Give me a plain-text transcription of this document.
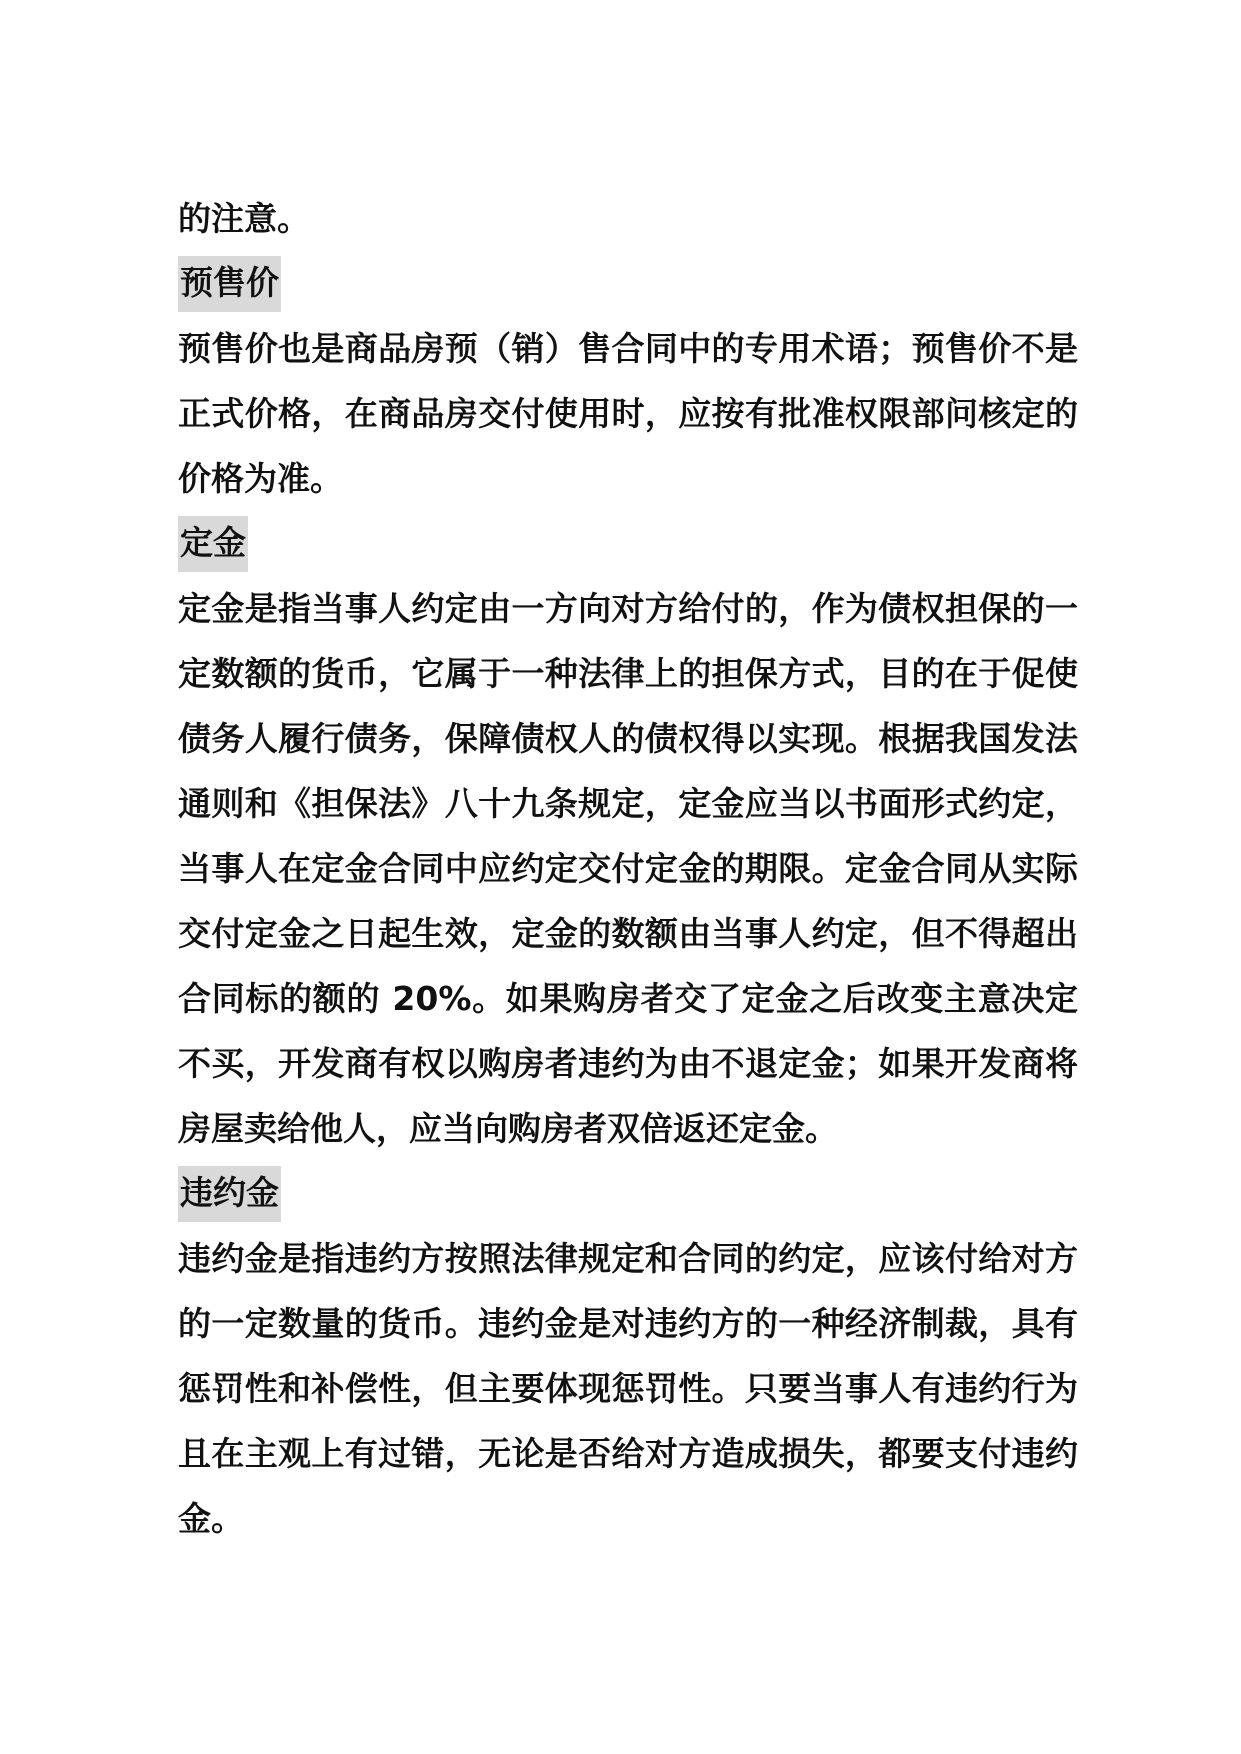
的注意。
预售价
预售价也是商品房预（销）售合同中的专用术语；预售价不是
正式价格，在商品房交付使用时，应按有批准权限部问核定的
价格为准。
定金
定金是指当事人约定由一方向对方给付的，作为债权担保的一
定数额的货币，它属于一种法律上的担保方式，目的在于促使
债务人履行债务，保障债权人的债权得以实现。根据我国发法
通则和《担保法》八十九条规定，定金应当以书面形式约定，
当事人在定金合同中应约定交付定金的期限。定金合同从实际
交付定金之日起生效，定金的数额由当事人约定，但不得超出
合同标的额的 20%。如果购房者交了定金之后改变主意决定
不买，开发商有权以购房者违约为由不退定金；如果开发商将
房屋卖给他人，应当向购房者双倍返还定金。
违约金
违约金是指违约方按照法律规定和合同的约定，应该付给对方
的一定数量的货币。违约金是对违约方的一种经济制裁，具有
惩罚性和补偿性，但主要体现惩罚性。只要当事人有违约行为
且在主观上有过错，无论是否给对方造成损失，都要支付违约
金。
